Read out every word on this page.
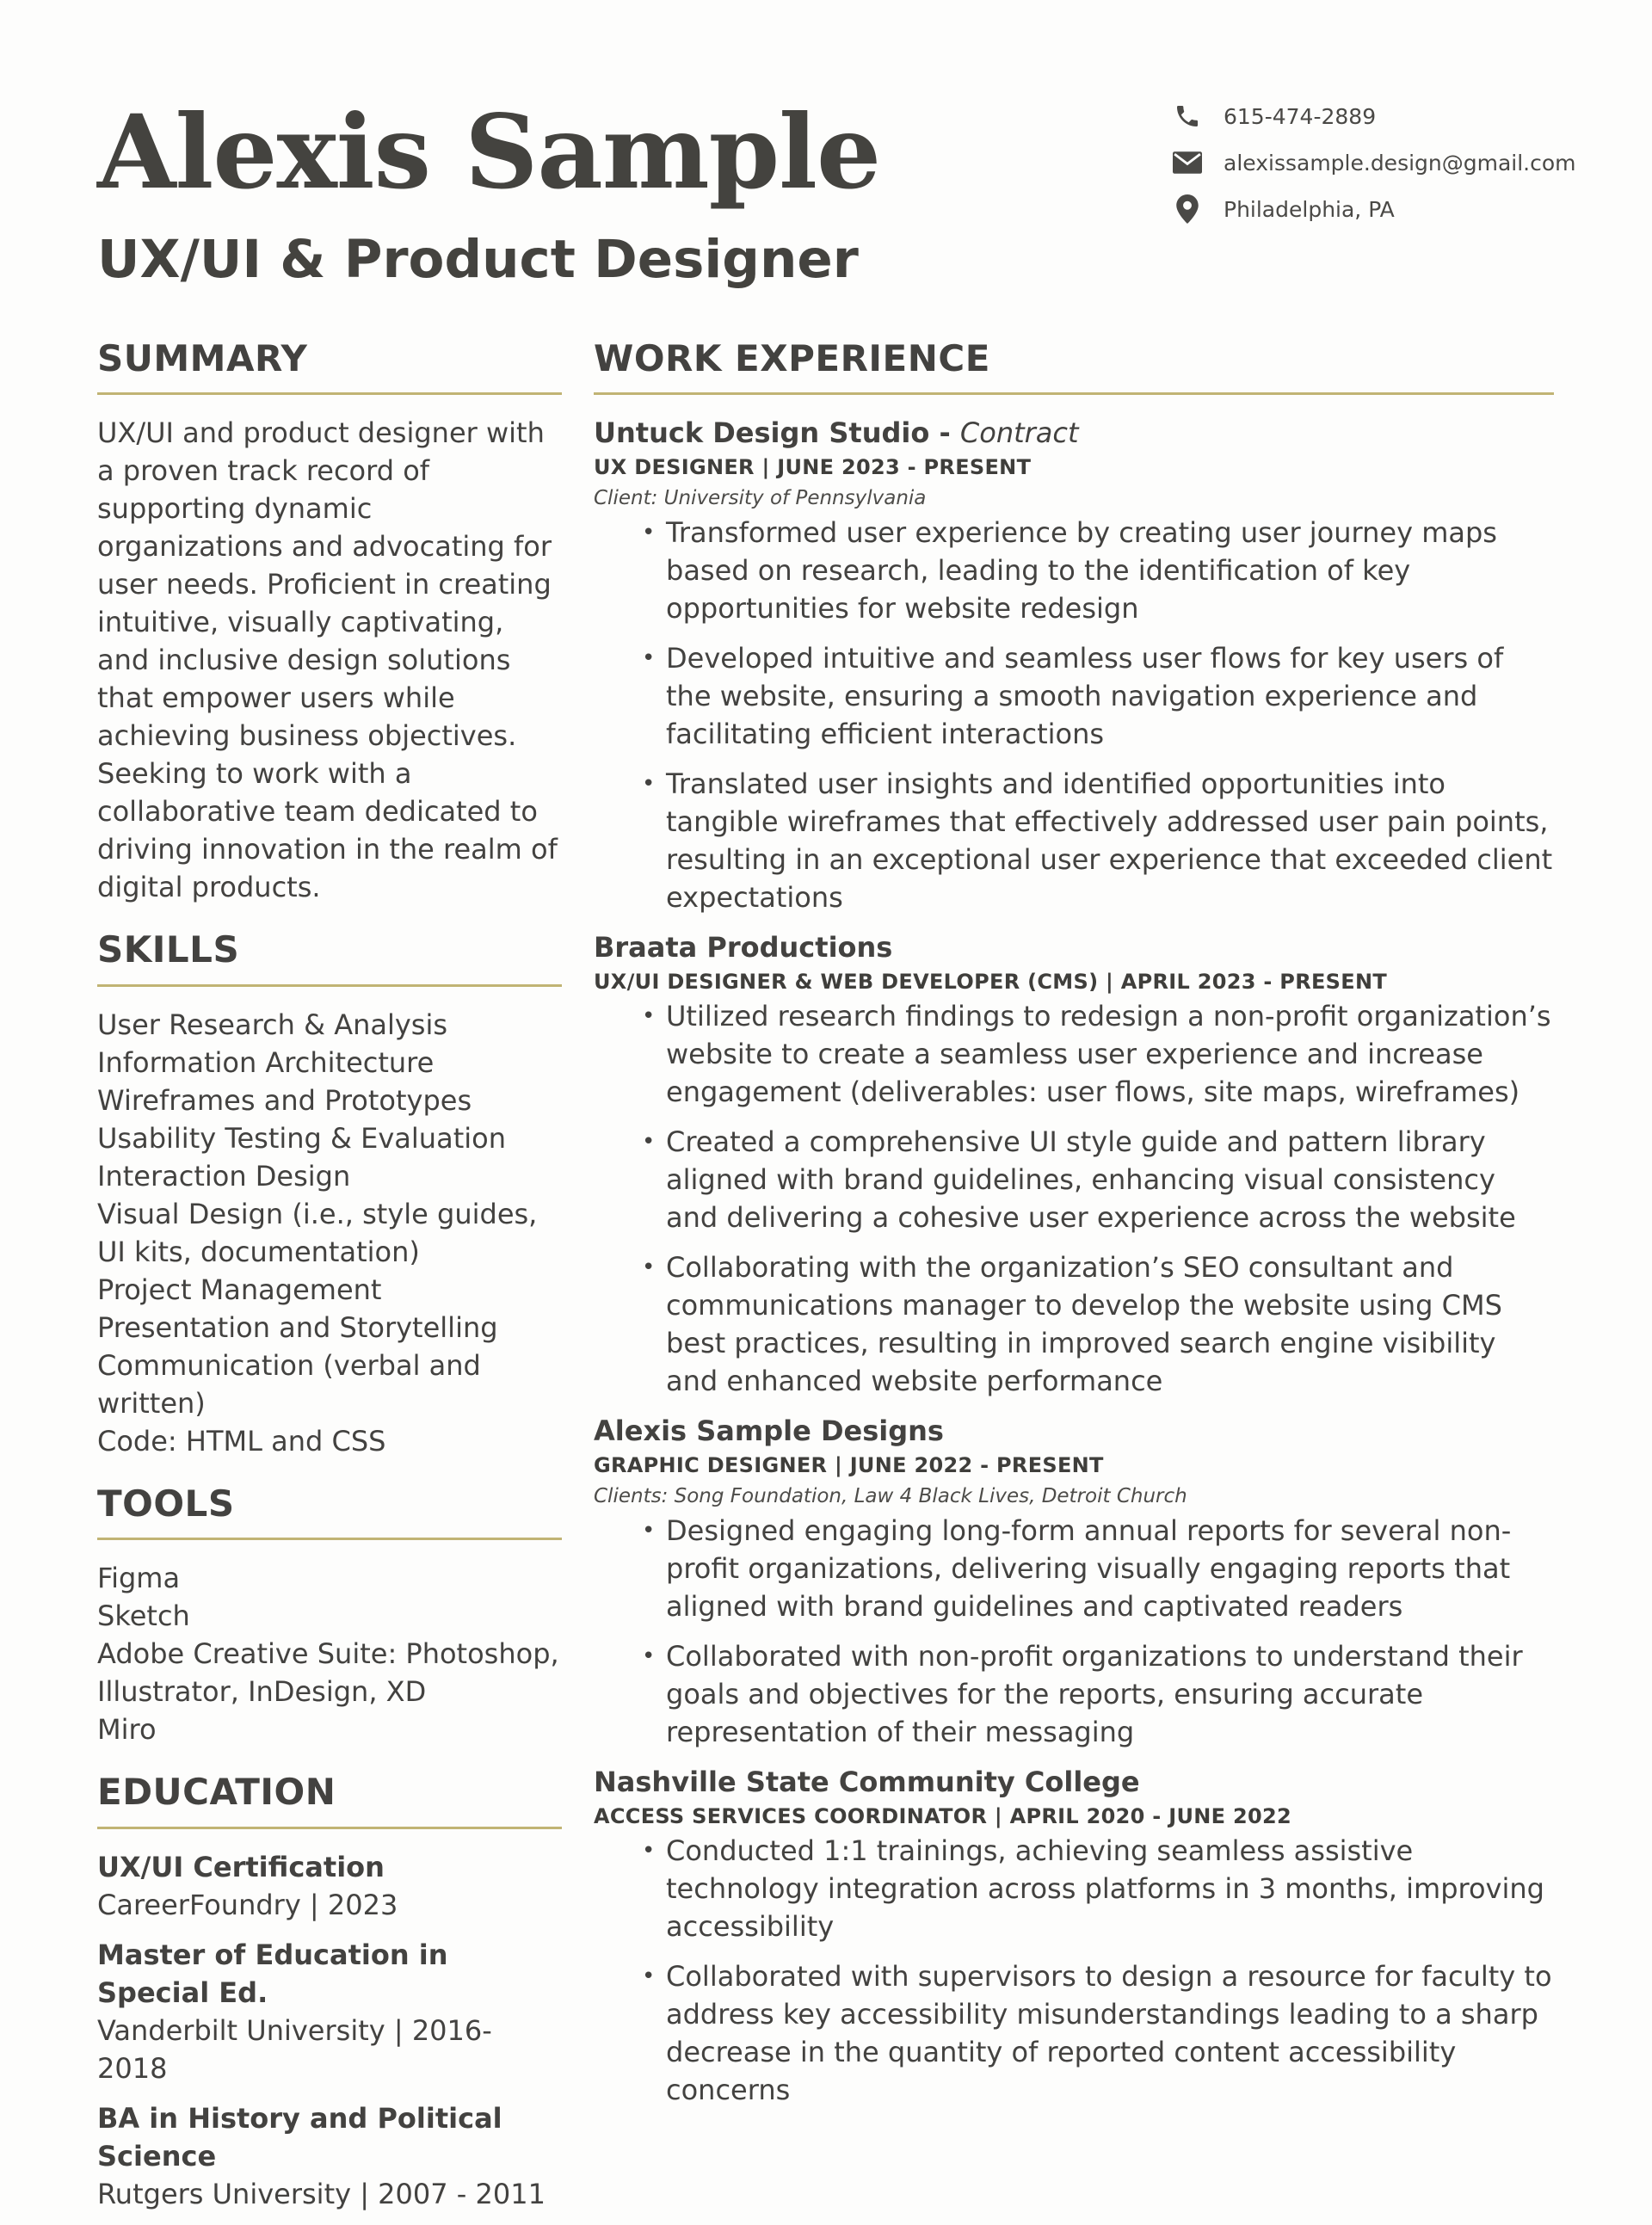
Alexis Sample
UX/UI & Product Designer
615-474-2889
alexissample.design@gmail.com
Philadelphia, PA
SUMMARY

UX/UI and product designer with a proven track record of supporting dynamic organizations and advocating for user needs. Proficient in creating intuitive, visually captivating, and inclusive design solutions that empower users while achieving business objectives. Seeking to work with a collaborative team dedicated to driving innovation in the realm of digital products.

SKILLS
User Research & Analysis
Information Architecture
Wireframes and Prototypes
Usability Testing & Evaluation
Interaction Design
Visual Design (i.e., style guides, UI kits, documentation)
Project Management
Presentation and Storytelling
Communication (verbal and written)
Code: HTML and CSS
TOOLS
Figma
Sketch
Adobe Creative Suite: Photoshop, Illustrator, InDesign, XD
Miro
EDUCATION
UX/UI Certification
CareerFoundry | 2023
Master of Education in Special Ed.
Vanderbilt University | 2016-2018
BA in History and Political Science
Rutgers University | 2007 - 2011
WORK EXPERIENCE
Untuck Design Studio - Contract
UX DESIGNER | JUNE 2023 - PRESENT
Client: University of Pennsylvania
• Transformed user experience by creating user journey maps based on research, leading to the identification of key opportunities for website redesign
• Developed intuitive and seamless user flows for key users of the website, ensuring a smooth navigation experience and facilitating efficient interactions
• Translated user insights and identified opportunities into tangible wireframes that effectively addressed user pain points, resulting in an exceptional user experience that exceeded client expectations
Braata Productions
UX/UI DESIGNER & WEB DEVELOPER (CMS) | APRIL 2023 - PRESENT
• Utilized research findings to redesign a non-profit organization’s website to create a seamless user experience and increase engagement (deliverables: user flows, site maps, wireframes)
• Created a comprehensive UI style guide and pattern library aligned with brand guidelines, enhancing visual consistency and delivering a cohesive user experience across the website
• Collaborating with the organization’s SEO consultant and communications manager to develop the website using CMS best practices, resulting in improved search engine visibility and enhanced website performance
Alexis Sample Designs
GRAPHIC DESIGNER | JUNE 2022 - PRESENT
Clients: Song Foundation, Law 4 Black Lives, Detroit Church
• Designed engaging long-form annual reports for several non-profit organizations, delivering visually engaging reports that aligned with brand guidelines and captivated readers
• Collaborated with non-profit organizations to understand their goals and objectives for the reports, ensuring accurate representation of their messaging
Nashville State Community College
ACCESS SERVICES COORDINATOR | APRIL 2020 - JUNE 2022
• Conducted 1:1 trainings, achieving seamless assistive technology integration across platforms in 3 months, improving accessibility
• Collaborated with supervisors to design a resource for faculty to address key accessibility misunderstandings leading to a sharp decrease in the quantity of reported content accessibility concerns
